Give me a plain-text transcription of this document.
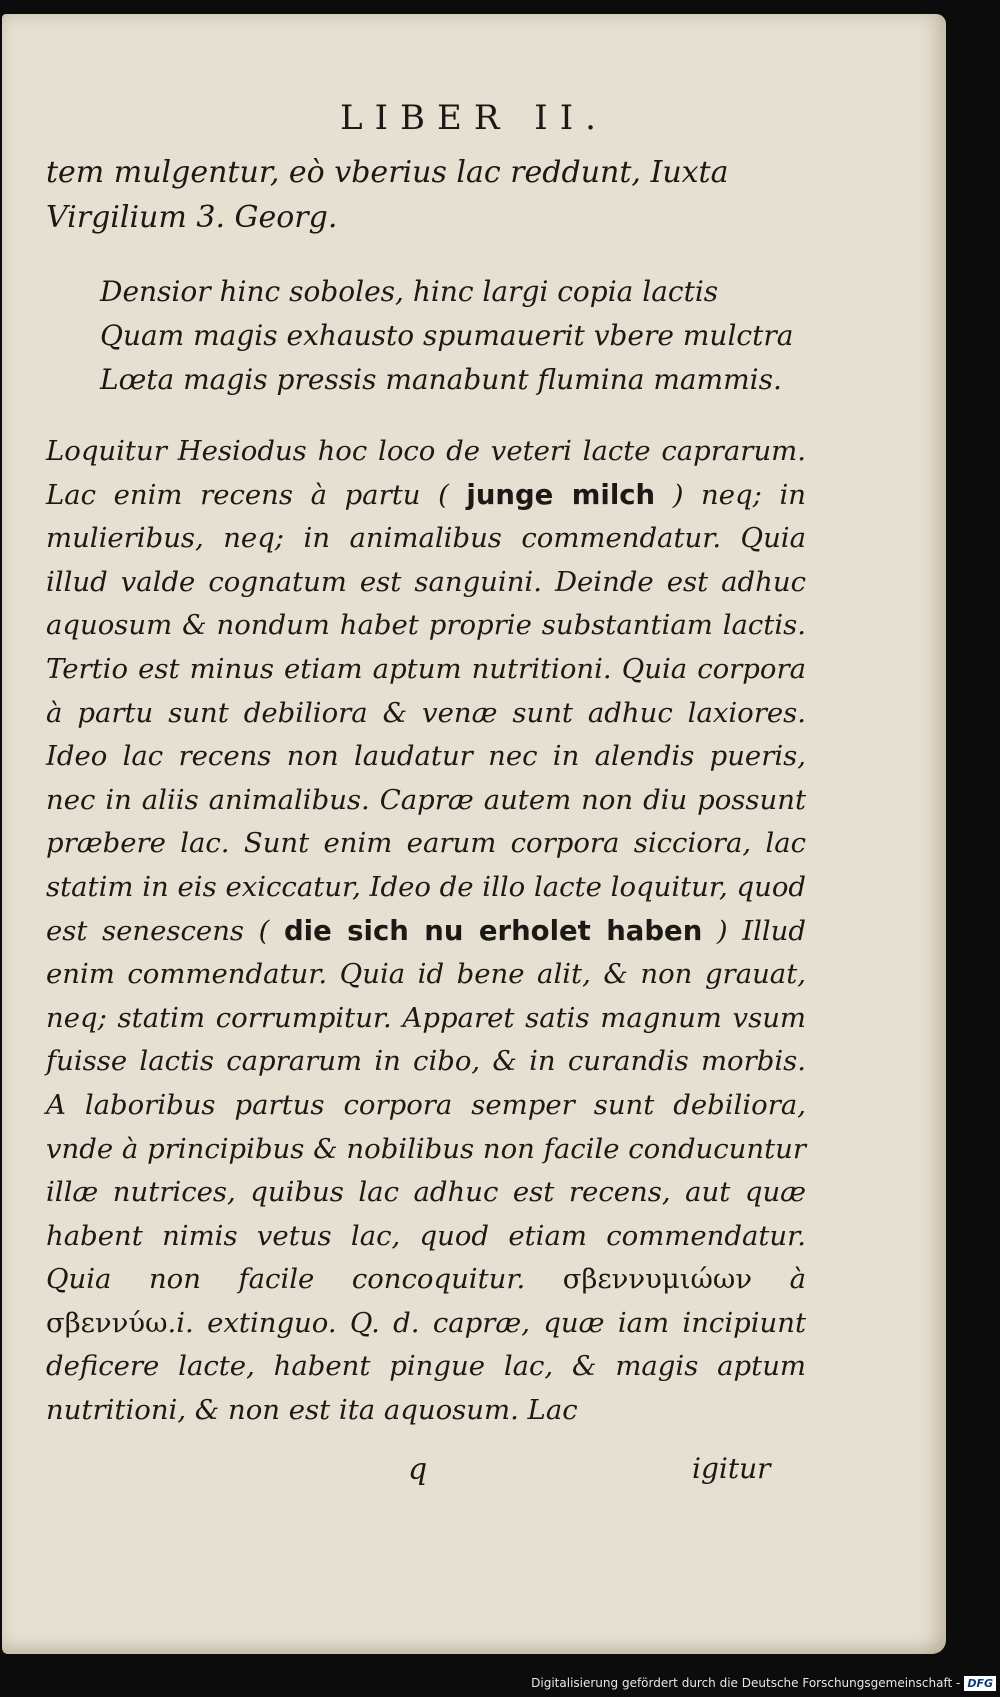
LIBER II.

tem mulgentur, eò vberius lac reddunt, Iuxta Virgilium 3. Georg.

Densior hinc soboles, hinc largi copia lactis
Quam magis exhausto spumauerit vbere mulctra
Lœta magis pressis manabunt flumina mammis.

Loquitur Hesiodus hoc loco de veteri lacte caprarum. Lac enim recens à partu ( junge milch ) neq; in mulieribus, neq; in animalibus commendatur. Quia illud valde cognatum est sanguini. Deinde est adhuc aquosum & nondum habet proprie substantiam lactis. Tertio est minus etiam aptum nutritioni. Quia corpora à partu sunt debiliora & venæ sunt adhuc laxiores. Ideo lac recens non laudatur nec in alendis pueris, nec in aliis animalibus. Capræ autem non diu possunt præbere lac. Sunt enim earum corpora sicciora, lac statim in eis exiccatur, Ideo de illo lacte loquitur, quod est senescens ( die sich nu erholet haben ) Illud enim commendatur. Quia id bene alit, & non grauat, neq; statim corrumpitur. Apparet satis magnum vsum fuisse lactis caprarum in cibo, & in curandis morbis. A laboribus partus corpora semper sunt debiliora, vnde à principibus & nobilibus non facile conducuntur illæ nutrices, quibus lac adhuc est recens, aut quæ habent nimis vetus lac, quod etiam commendatur. Quia non facile concoquitur. σβεννυμιώων à σβεννύω.i. extinguo. Q. d. capræ, quæ iam incipiunt deficere lacte, habent pingue lac, & magis aptum nutritioni, & non est ita aquosum. Lac

q	igitur
Digitalisierung gefördert durch die Deutsche Forschungsgemeinschaft - DFG
